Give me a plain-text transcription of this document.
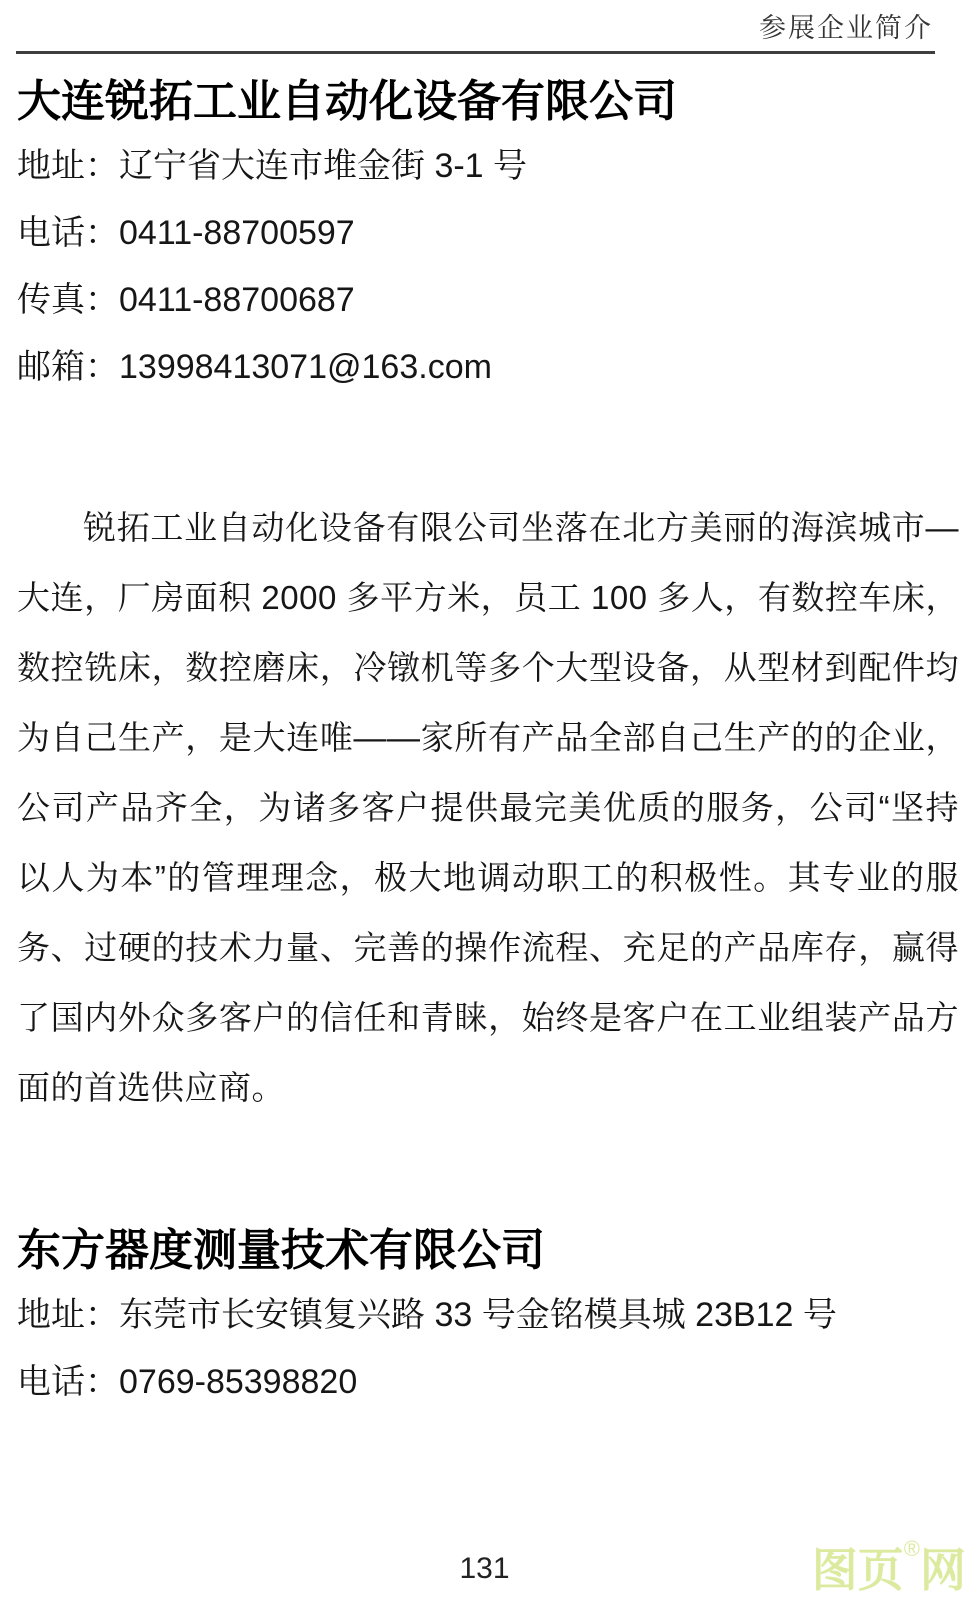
参展企业简介
大连锐拓工业自动化设备有限公司
地址：辽宁省大连市堆金街 3-1 号
电话：0411-88700597
传真：0411-88700687
邮箱：13998413071@163.com

锐拓工业自动化设备有限公司坐落在北方美丽的海滨城市—大连，厂房面积 2000 多平方米，员工 100 多人，有数控车床，数控铣床，数控磨床，冷镦机等多个大型设备，从型材到配件均为自己生产，是大连唯——家所有产品全部自己生产的的企业，公司产品齐全，为诸多客户提供最完美优质的服务，公司“坚持以人为本”的管理理念，极大地调动职工的积极性。其专业的服务、过硬的技术力量、完善的操作流程、充足的产品库存，赢得了国内外众多客户的信任和青睐，始终是客户在工业组装产品方面的首选供应商。

东方器度测量技术有限公司
地址：东莞市长安镇复兴路 33 号金铭模具城 23B12 号
电话：0769-85398820
131	图页®网
